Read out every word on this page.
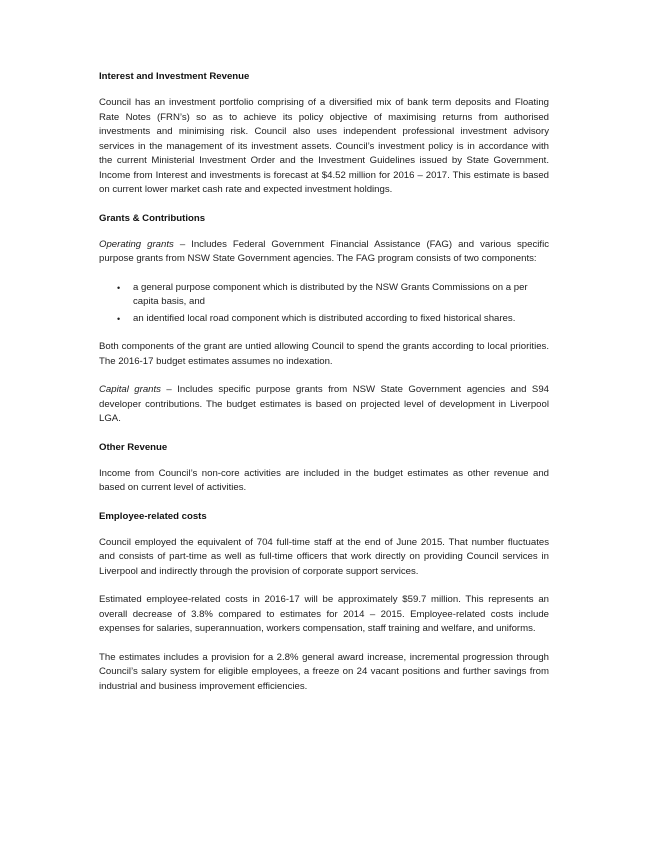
Interest and Investment Revenue

Council has an investment portfolio comprising of a diversified mix of bank term deposits and Floating Rate Notes (FRN’s) so as to achieve its policy objective of maximising returns from authorised investments and minimising risk. Council also uses independent professional investment advisory services in the management of its investment assets. Council’s investment policy is in accordance with the current Ministerial Investment Order and the Investment Guidelines issued by State Government. Income from Interest and investments is forecast at $4.52 million for 2016 – 2017. This estimate is based on current lower market cash rate and expected investment holdings.

Grants & Contributions

Operating grants – Includes Federal Government Financial Assistance (FAG) and various specific purpose grants from NSW State Government agencies. The FAG program consists of two components:

• a general purpose component which is distributed by the NSW Grants Commissions on a per capita basis, and
• an identified local road component which is distributed according to fixed historical shares.

Both components of the grant are untied allowing Council to spend the grants according to local priorities. The 2016-17 budget estimates assumes no indexation.

Capital grants – Includes specific purpose grants from NSW State Government agencies and S94 developer contributions. The budget estimates is based on projected level of development in Liverpool LGA.

Other Revenue

Income from Council’s non-core activities are included in the budget estimates as other revenue and based on current level of activities.

Employee-related costs

Council employed the equivalent of 704 full-time staff at the end of June 2015. That number fluctuates and consists of part-time as well as full-time officers that work directly on providing Council services in Liverpool and indirectly through the provision of corporate support services.

Estimated employee-related costs in 2016-17 will be approximately $59.7 million. This represents an overall decrease of 3.8% compared to estimates for 2014 – 2015. Employee-related costs include expenses for salaries, superannuation, workers compensation, staff training and welfare, and uniforms.

The estimates includes a provision for a 2.8% general award increase, incremental progression through Council’s salary system for eligible employees, a freeze on 24 vacant positions and further savings from industrial and business improvement efficiencies.
